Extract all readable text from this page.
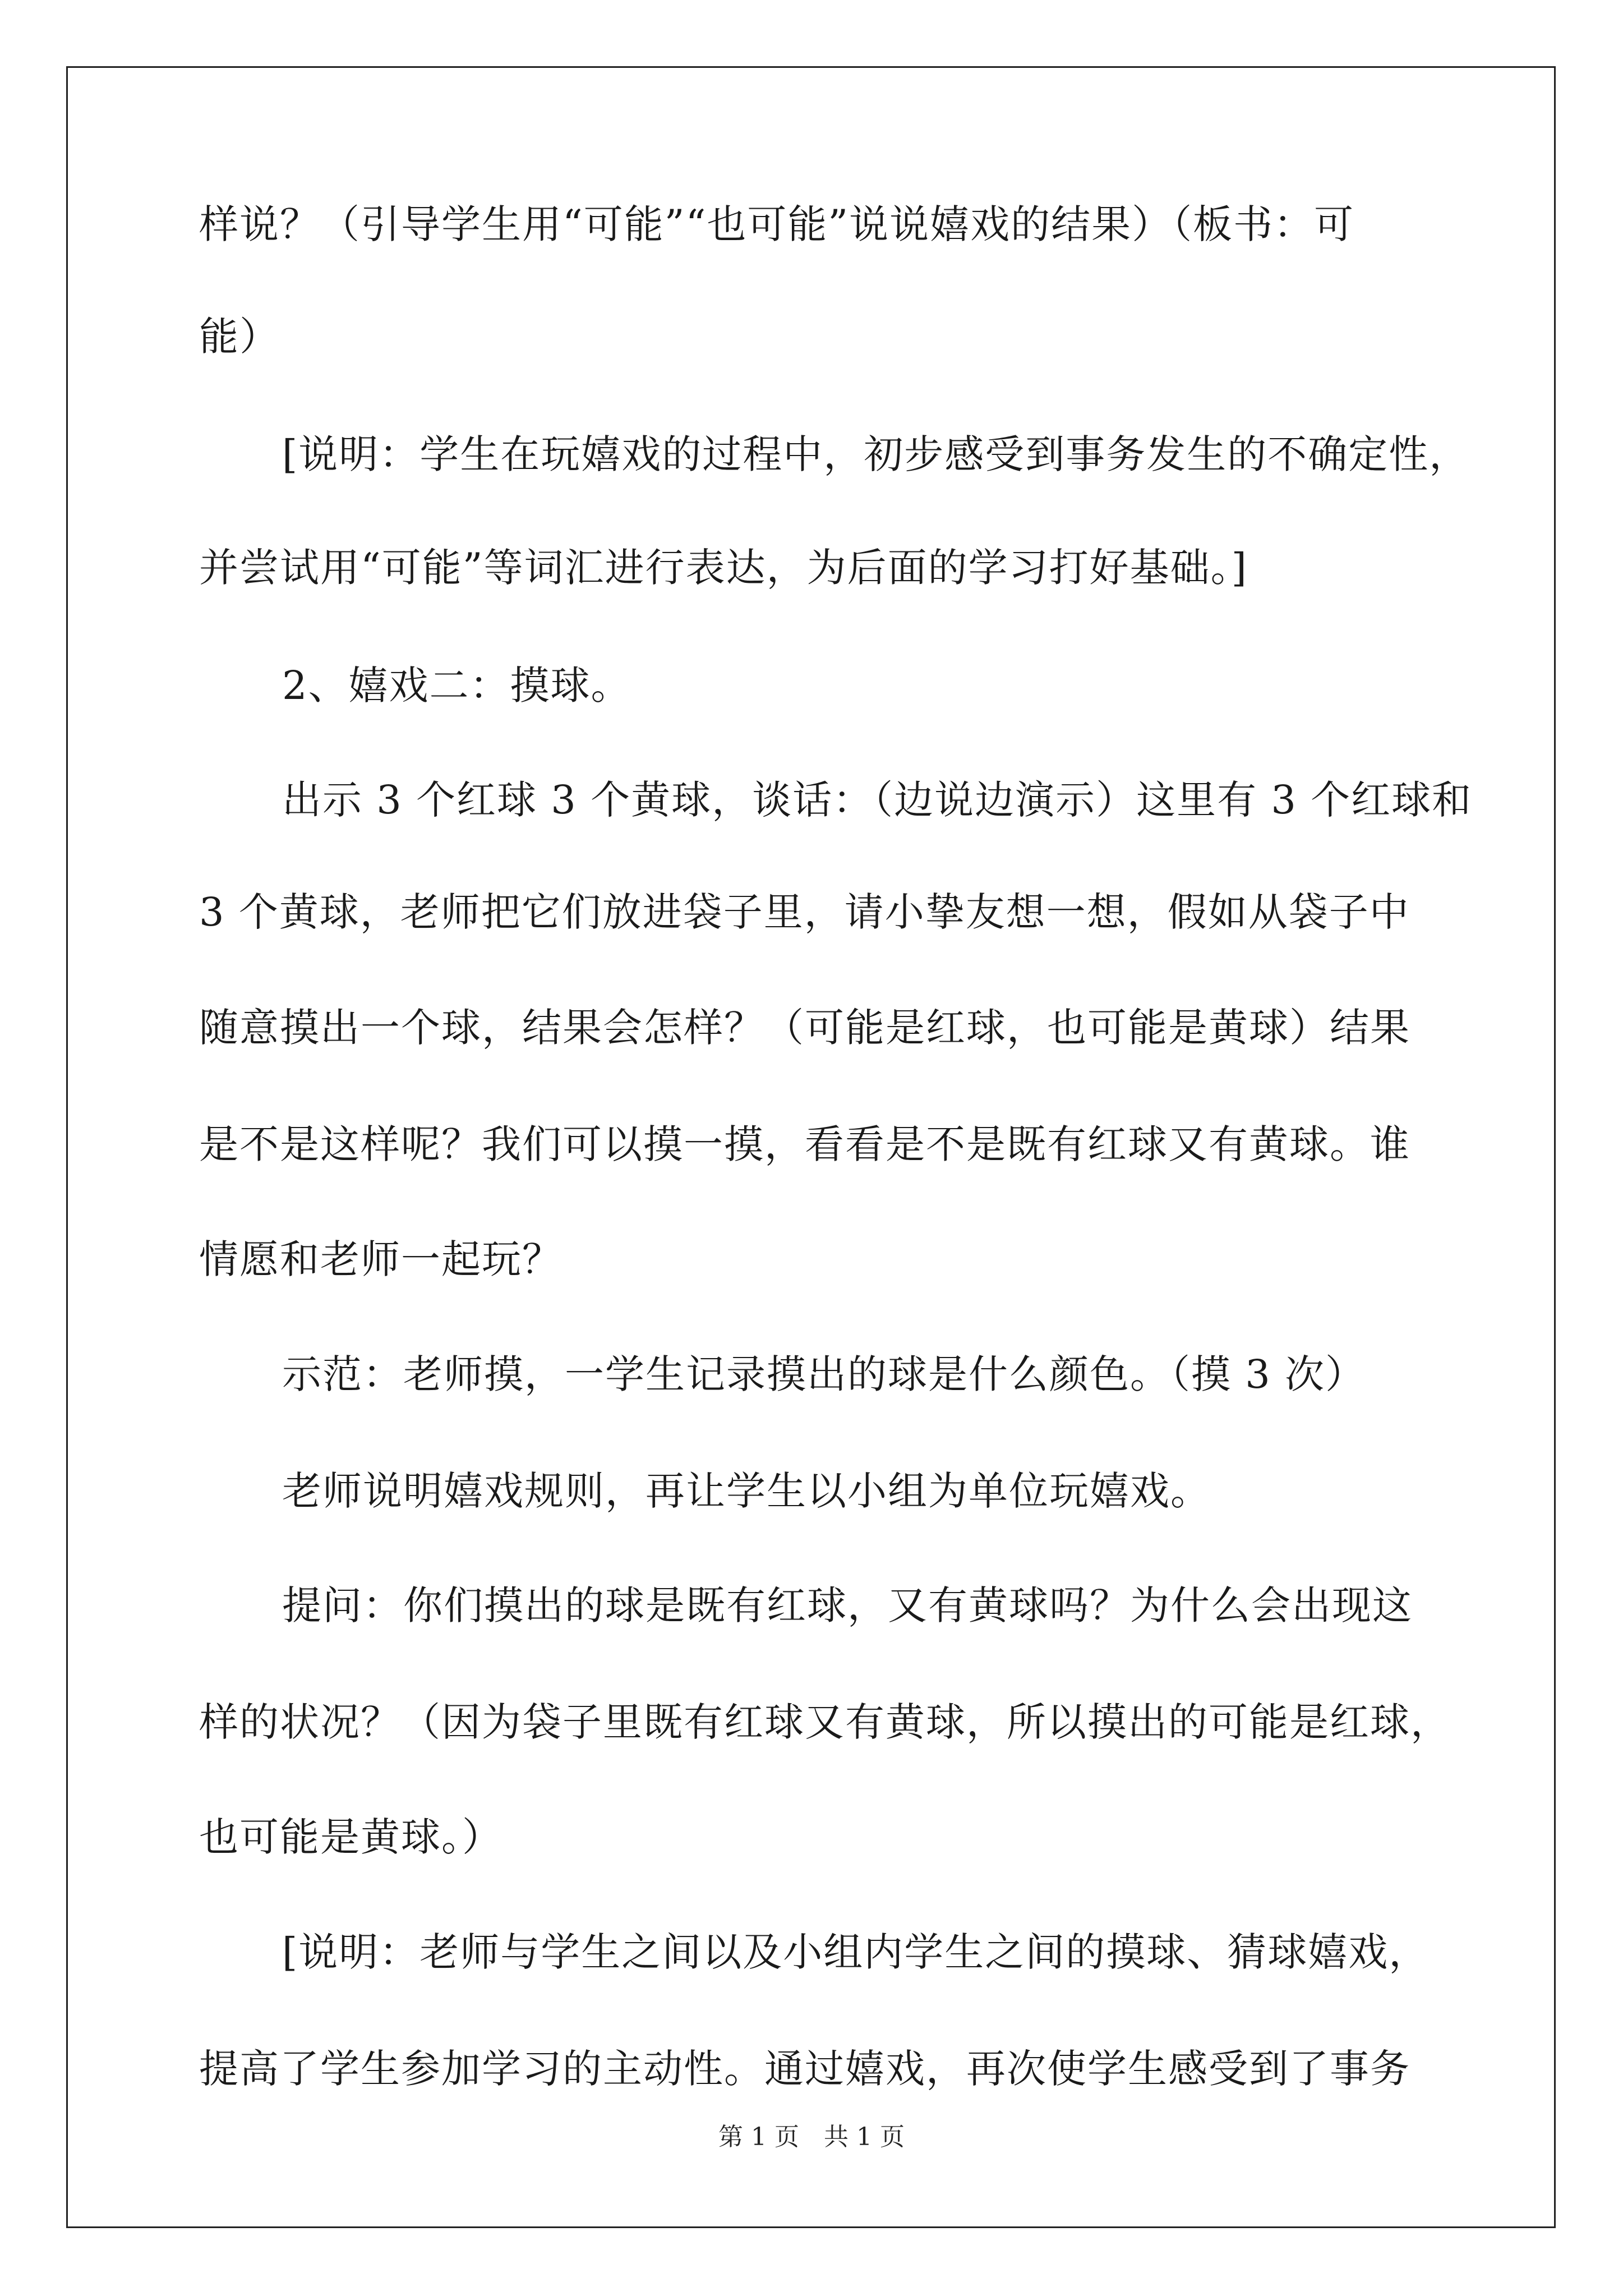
样说？（引导学生用“可能”“也可能”说说嬉戏的结果）（板书：可
能）
[说明：学生在玩嬉戏的过程中，初步感受到事务发生的不确定性，
并尝试用“可能”等词汇进行表达，为后面的学习打好基础。]
2、嬉戏二：摸球。
出示 3 个红球 3 个黄球，谈话：（边说边演示）这里有 3 个红球和
3 个黄球，老师把它们放进袋子里，请小挚友想一想，假如从袋子中
随意摸出一个球，结果会怎样？（可能是红球，也可能是黄球）结果
是不是这样呢？我们可以摸一摸，看看是不是既有红球又有黄球。谁
情愿和老师一起玩？
示范：老师摸，一学生记录摸出的球是什么颜色。（摸 3 次）
老师说明嬉戏规则，再让学生以小组为单位玩嬉戏。
提问：你们摸出的球是既有红球，又有黄球吗？为什么会出现这
样的状况？（因为袋子里既有红球又有黄球，所以摸出的可能是红球，
也可能是黄球。）
[说明：老师与学生之间以及小组内学生之间的摸球、猜球嬉戏，
提高了学生参加学习的主动性。通过嬉戏，再次使学生感受到了事务
第 1 页　共 1 页
